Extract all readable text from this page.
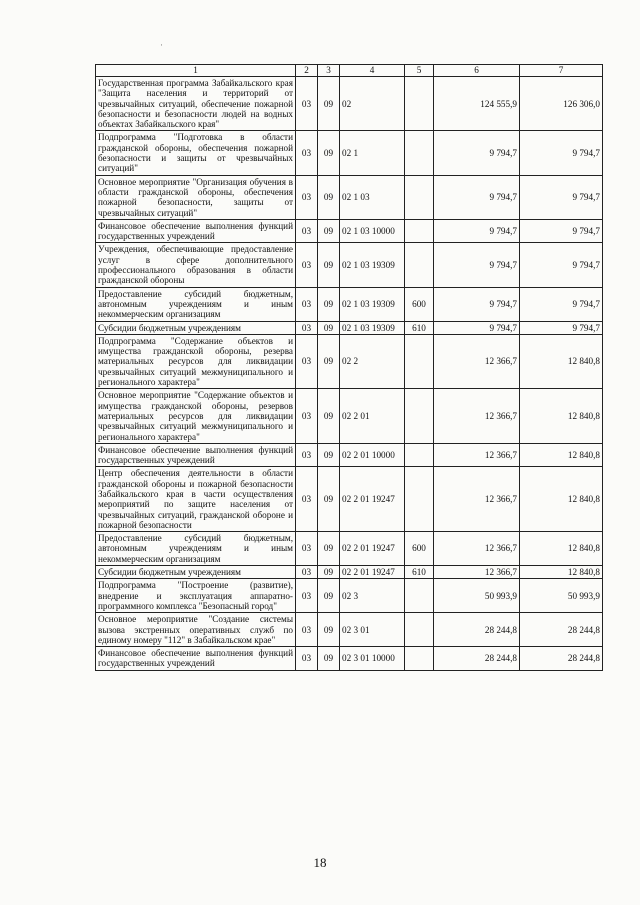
·
1	2	3	4	5	6	7
Государственная программа Забайкальского края "Защита населения и территорий от чрезвычайных ситуаций, обеспечение пожарной безопасности и безопасности людей на водных объектах Забайкальского края"	03	09	02		124 555,9	126 306,0
Подпрограмма "Подготовка в области гражданской обороны, обеспечения пожарной безопасности и защиты от чрезвычайных ситуаций"	03	09	02 1		9 794,7	9 794,7
Основное мероприятие "Организация обучения в области гражданской обороны, обеспечения пожарной безопасности, защиты от чрезвычайных ситуаций"	03	09	02 1 03		9 794,7	9 794,7
Финансовое обеспечение выполнения функций государственных учреждений	03	09	02 1 03 10000		9 794,7	9 794,7
Учреждения, обеспечивающие предоставление услуг в сфере дополнительного профессионального образования в области гражданской обороны	03	09	02 1 03 19309		9 794,7	9 794,7
Предоставление субсидий бюджетным, автономным учреждениям и иным некоммерческим организациям	03	09	02 1 03 19309	600	9 794,7	9 794,7
Субсидии бюджетным учреждениям	03	09	02 1 03 19309	610	9 794,7	9 794,7
Подпрограмма "Содержание объектов и имущества гражданской обороны, резерва материальных ресурсов для ликвидации чрезвычайных ситуаций межмуниципального и регионального характера"	03	09	02 2		12 366,7	12 840,8
Основное мероприятие "Содержание объектов и имущества гражданской обороны, резервов материальных ресурсов для ликвидации чрезвычайных ситуаций межмуниципального и регионального характера"	03	09	02 2 01		12 366,7	12 840,8
Финансовое обеспечение выполнения функций государственных учреждений	03	09	02 2 01 10000		12 366,7	12 840,8
Центр обеспечения деятельности в области гражданской обороны и пожарной безопасности Забайкальского края в части осуществления мероприятий по защите населения от чрезвычайных ситуаций, гражданской обороне и пожарной безопасности	03	09	02 2 01 19247		12 366,7	12 840,8
Предоставление субсидий бюджетным, автономным учреждениям и иным некоммерческим организациям	03	09	02 2 01 19247	600	12 366,7	12 840,8
Субсидии бюджетным учреждениям	03	09	02 2 01 19247	610	12 366,7	12 840,8
Подпрограмма "Построение (развитие), внедрение и эксплуатация аппаратно-программного комплекса "Безопасный город"	03	09	02 3		50 993,9	50 993,9
Основное мероприятие "Создание системы вызова экстренных оперативных служб по единому номеру "112" в Забайкальском крае"	03	09	02 3 01		28 244,8	28 244,8
Финансовое обеспечение выполнения функций государственных учреждений	03	09	02 3 01 10000		28 244,8	28 244,8
18
